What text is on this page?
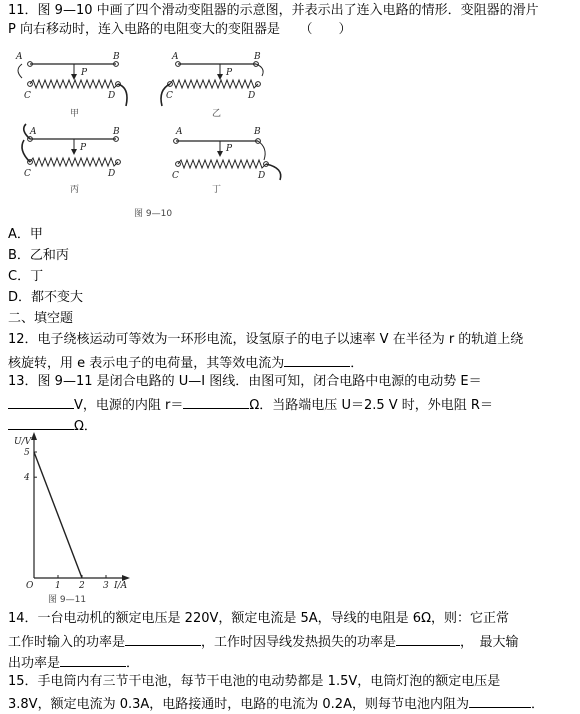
11．图 9—10 中画了四个滑动变阻器的示意图，并表示出了连入电路的情形．变阻器的滑片
P 向右移动时，连入电路的电阻变大的变阻器是　　（　　）
A	B
P
C	D
甲
A	B
P
C	D
乙
A	B
P
C	D
丙
A	B
P
C	D
丁
图 9—10
A．甲
B．乙和丙
C．丁
D．都不变大
二、填空题
12．电子绕核运动可等效为一环形电流，设氢原子的电子以速率 V 在半径为 r 的轨道上绕
核旋转，用 e 表示电子的电荷量，其等效电流为	．
13．图 9—11 是闭合电路的 U—I 图线．由图可知，闭合电路中电源的电动势 E＝
V，电源的内阻 r＝	Ω．当路端电压 U＝2.5 V 时，外电阻 R＝
Ω．
U/V
I/A
O
5
4
1 2 3
图 9—11
14．一台电动机的额定电压是 220V，额定电流是 5A，导线的电阻是 6Ω，则：它正常
工作时输入的功率是	，工作时因导线发热损失的功率是	，　最大输
出功率是	．
15．手电筒内有三节干电池，每节干电池的电动势都是 1.5V，电筒灯泡的额定电压是
3.8V，额定电流为 0.3A，电路接通时，电路的电流为 0.2A，则每节电池内阻为	．
